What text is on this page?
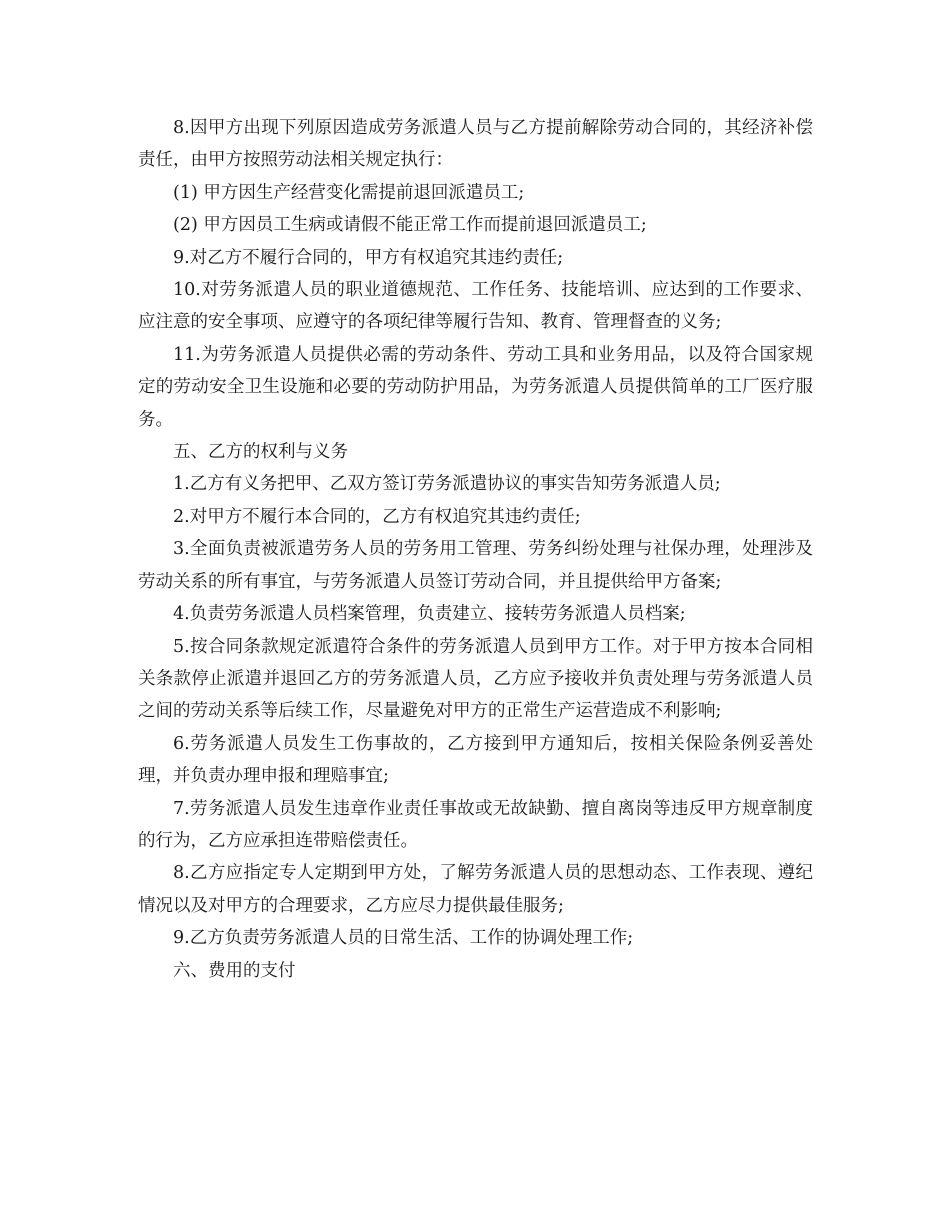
8.因甲方出现下列原因造成劳务派遣人员与乙方提前解除劳动合同的，其经济补偿责任，由甲方按照劳动法相关规定执行：

(1) 甲方因生产经营变化需提前退回派遣员工;

(2) 甲方因员工生病或请假不能正常工作而提前退回派遣员工;

9.对乙方不履行合同的，甲方有权追究其违约责任;

10.对劳务派遣人员的职业道德规范、工作任务、技能培训、应达到的工作要求、应注意的安全事项、应遵守的各项纪律等履行告知、教育、管理督查的义务;

11.为劳务派遣人员提供必需的劳动条件、劳动工具和业务用品，以及符合国家规定的劳动安全卫生设施和必要的劳动防护用品，为劳务派遣人员提供简单的工厂医疗服务。

五、乙方的权利与义务

1.乙方有义务把甲、乙双方签订劳务派遣协议的事实告知劳务派遣人员;

2.对甲方不履行本合同的，乙方有权追究其违约责任;

3.全面负责被派遣劳务人员的劳务用工管理、劳务纠纷处理与社保办理，处理涉及劳动关系的所有事宜，与劳务派遣人员签订劳动合同，并且提供给甲方备案;

4.负责劳务派遣人员档案管理，负责建立、接转劳务派遣人员档案;

5.按合同条款规定派遣符合条件的劳务派遣人员到甲方工作。对于甲方按本合同相关条款停止派遣并退回乙方的劳务派遣人员，乙方应予接收并负责处理与劳务派遣人员之间的劳动关系等后续工作，尽量避免对甲方的正常生产运营造成不利影响;

6.劳务派遣人员发生工伤事故的，乙方接到甲方通知后，按相关保险条例妥善处理，并负责办理申报和理赔事宜;

7.劳务派遣人员发生违章作业责任事故或无故缺勤、擅自离岗等违反甲方规章制度的行为，乙方应承担连带赔偿责任。

8.乙方应指定专人定期到甲方处，了解劳务派遣人员的思想动态、工作表现、遵纪情况以及对甲方的合理要求，乙方应尽力提供最佳服务;

9.乙方负责劳务派遣人员的日常生活、工作的协调处理工作;

六、费用的支付
